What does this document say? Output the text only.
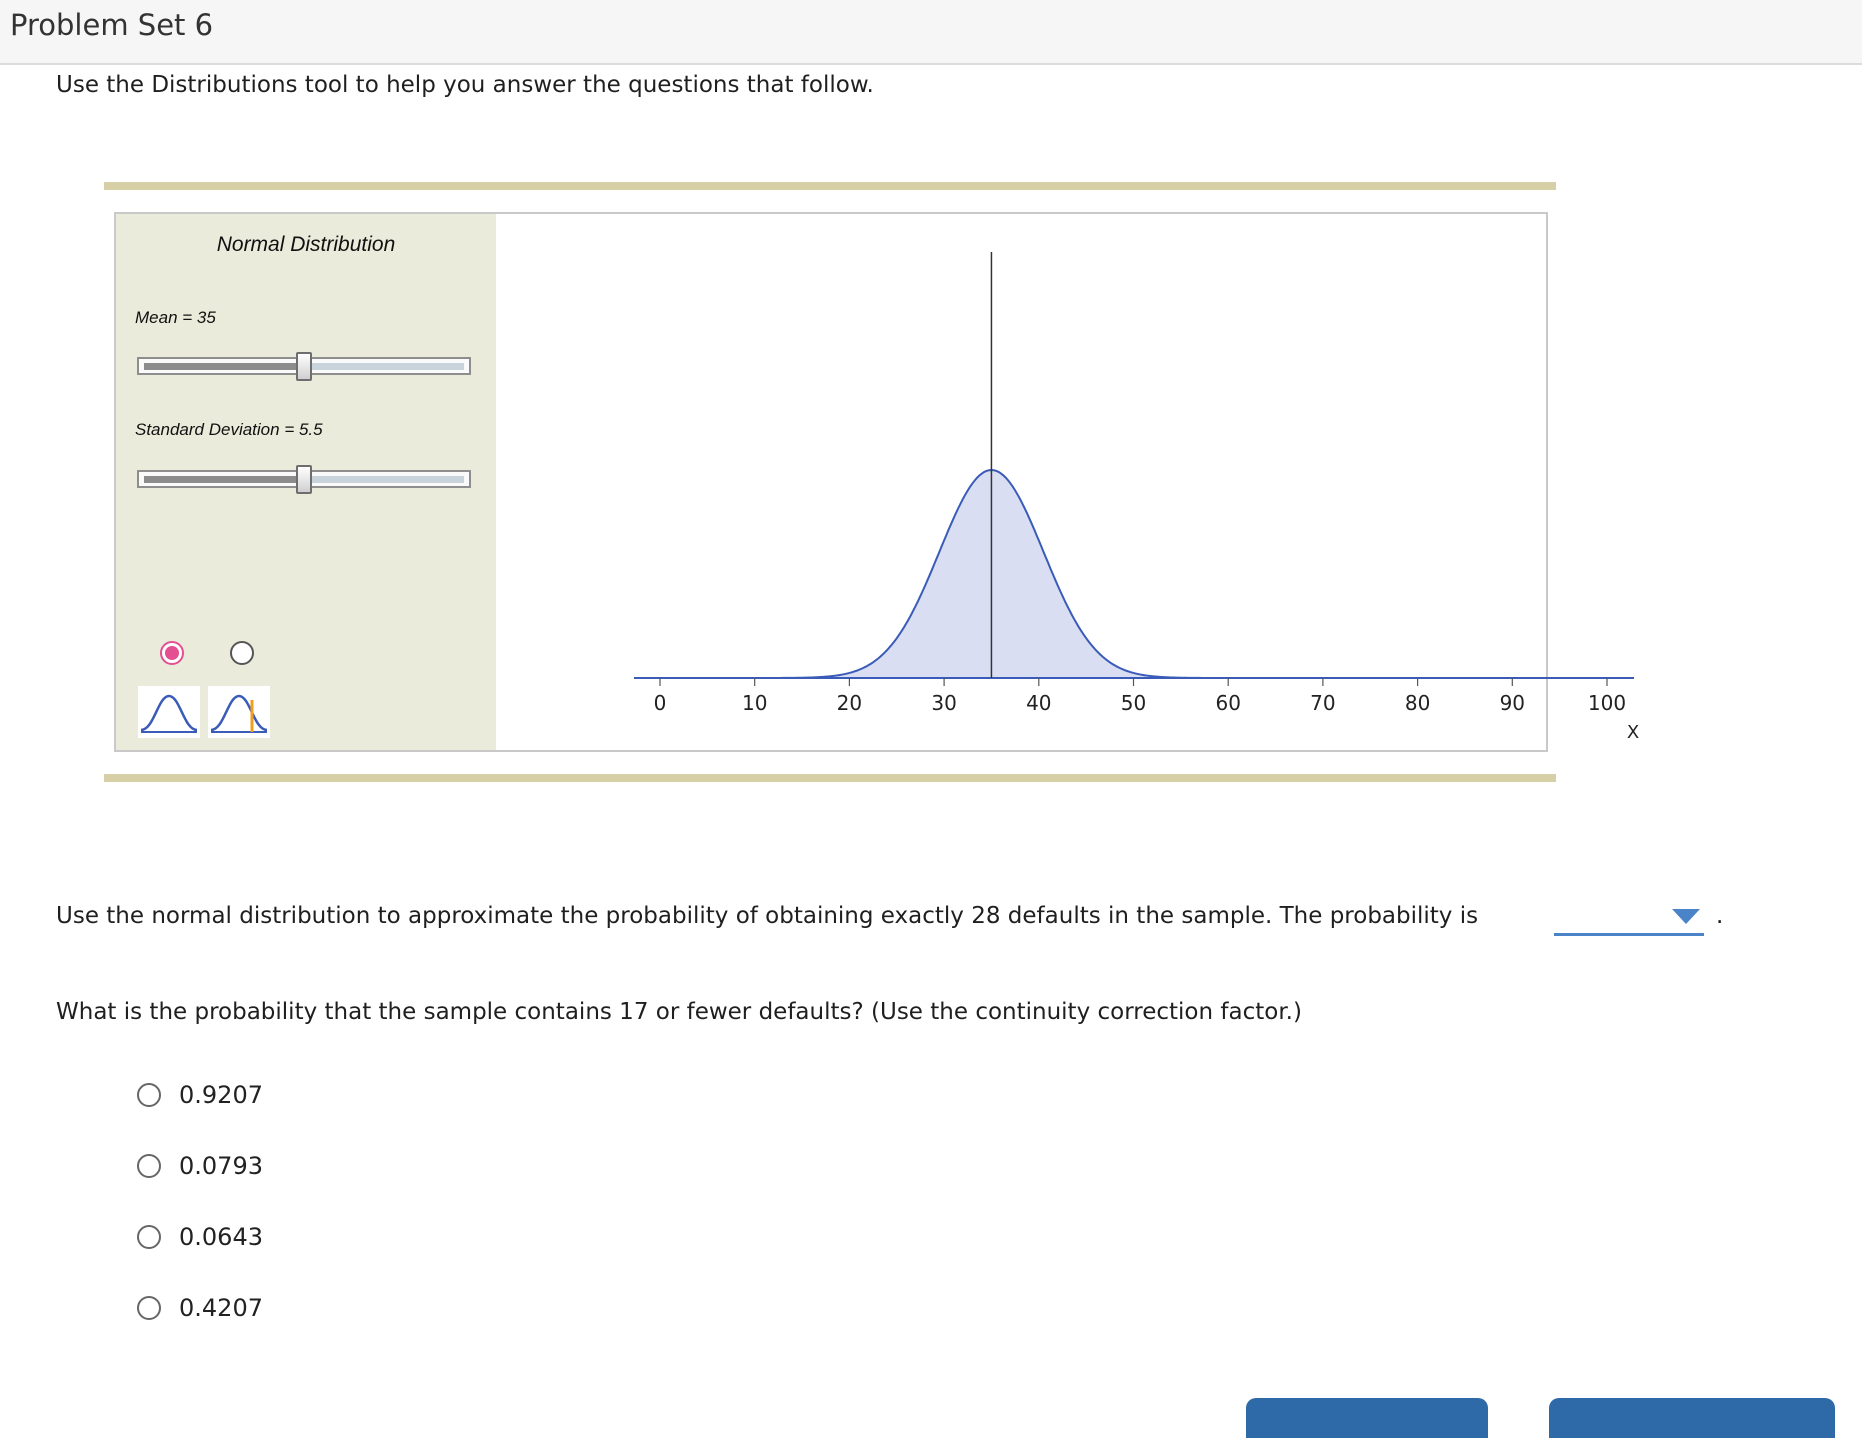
Problem Set 6
Use the Distributions tool to help you answer the questions that follow.
Normal Distribution
Mean = 35
Standard Deviation = 5.5
0	10	20	30	40	50	60	70	80	90	100
X
Use the normal distribution to approximate the probability of obtaining exactly 28 defaults in the sample. The probability is	.
What is the probability that the sample contains 17 or fewer defaults? (Use the continuity correction factor.)
0.9207
0.0793
0.0643
0.4207
